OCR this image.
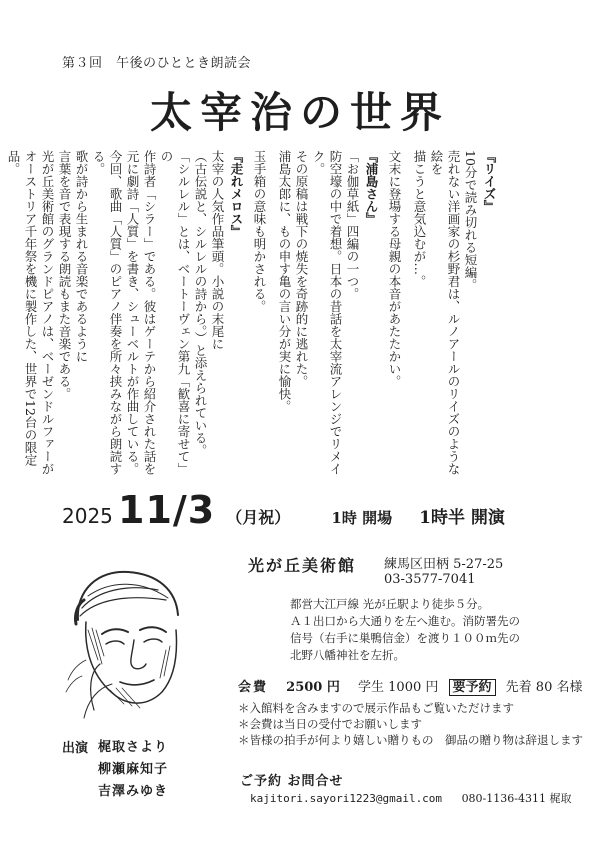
第３回　午後のひととき朗読会
太宰治の世界
『リイズ』
10分で読み切れる短編。
売れない洋画家の杉野君は、ルノアールのリイズのような絵を
描こうと意気込むが…。
文末に登場する母親の本音があたたかい。
『浦島さん』
「お伽草紙」四編の一つ。
防空壕の中で着想。日本の昔話を太宰流アレンジでリメイク。
その原稿は戦下の焼失を奇跡的に逃れた。
浦島太郎に、もの申す亀の言い分が実に愉快。
玉手箱の意味も明かされる。
『走れメロス』
太宰の人気作品筆頭。小説の末尾に
（古伝説と、シルレルの詩から。）と添えられている。
「シルレル」とは、ベートーヴェン第九「歓喜に寄せて」の
作詩者「シラー」である。彼はゲーテから紹介された話を
元に劇詩「人質」を書き、シューベルトが作曲している。
今回、歌曲「人質」のピアノ伴奏を所々挟みながら朗読する。
歌が詩から生まれる音楽であるように
言葉を音で表現する朗読もまた音楽である。
光が丘美術館のグランドピアノは、ベーゼンドルファーが
オーストリア千年祭を機に製作した、世界で12台の限定品。
2025 11/3 （月祝）	1時 開場 1時半 開演
光が丘美術館 練馬区田柄 5-27-25
03-3577-7041
都営大江戸線 光が丘駅より徒歩５分。
Ａ１出口から大通りを左へ進む。消防署先の
信号（右手に巣鴨信金）を渡り１００ｍ先の
北野八幡神社を左折。
会費 2500 円 学生 1000 円 要予約 先着 80 名様
＊入館料を含みますので展示作品もご覧いただけます
＊会費は当日の受付でお願いします
＊皆様の拍手が何より嬉しい贈りもの　御品の贈り物は辞退します
出演 梶取さより
柳瀬麻知子
吉澤みゆき
ご予約 お問合せ
kajitori.sayori1223@gmail.com 080-1136-4311 梶取
